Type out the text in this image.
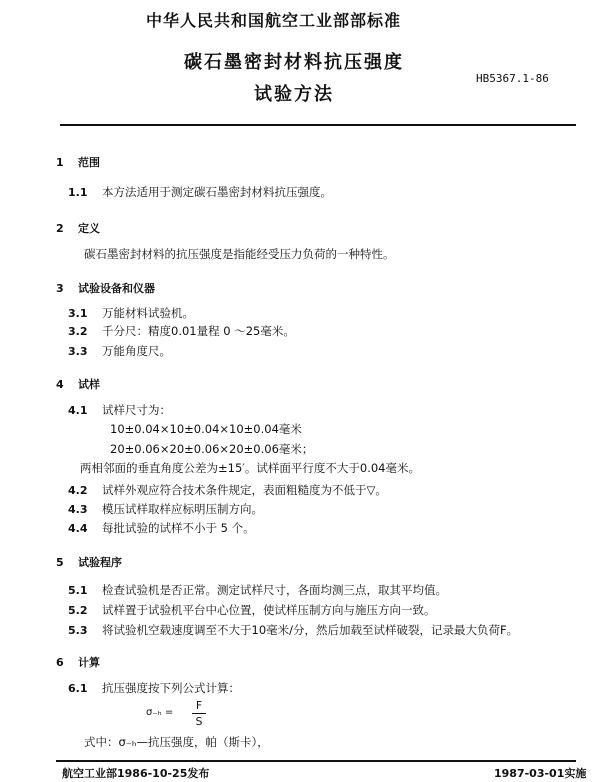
中华人民共和国航空工业部部标准
碳石墨密封材料抗压强度
试验方法
HB5367.1-86
1 范围
1.1 本方法适用于测定碳石墨密封材料抗压强度。
2 定义
碳石墨密封材料的抗压强度是指能经受压力负荷的一种特性。
3 试验设备和仪器
3.1 万能材料试验机。
3.2 千分尺：精度0.01量程 0 ～25毫米。
3.3 万能角度尺。
4 试样
4.1 试样尺寸为：
10±0.04×10±0.04×10±0.04毫米
20±0.06×20±0.06×20±0.06毫米；
两相邻面的垂直角度公差为±15′。试样面平行度不大于0.04毫米。
4.2 试样外观应符合技术条件规定，表面粗糙度为不低于▽。
4.3 模压试样取样应标明压制方向。
4.4 每批试验的试样不小于 5 个。
5 试验程序
5.1 检查试验机是否正常。测定试样尺寸，各面均测三点，取其平均值。
5.2 试样置于试验机平台中心位置，使试样压制方向与施压方向一致。
5.3 将试验机空载速度调至不大于10毫米/分，然后加载至试样破裂，记录最大负荷F。
6 计算
6.1 抗压强度按下列公式计算：
σ₋ₕ =
F
S
式中：σ₋ₕ—抗压强度，帕（斯卡），
航空工业部1986-10-25发布	1987-03-01实施
